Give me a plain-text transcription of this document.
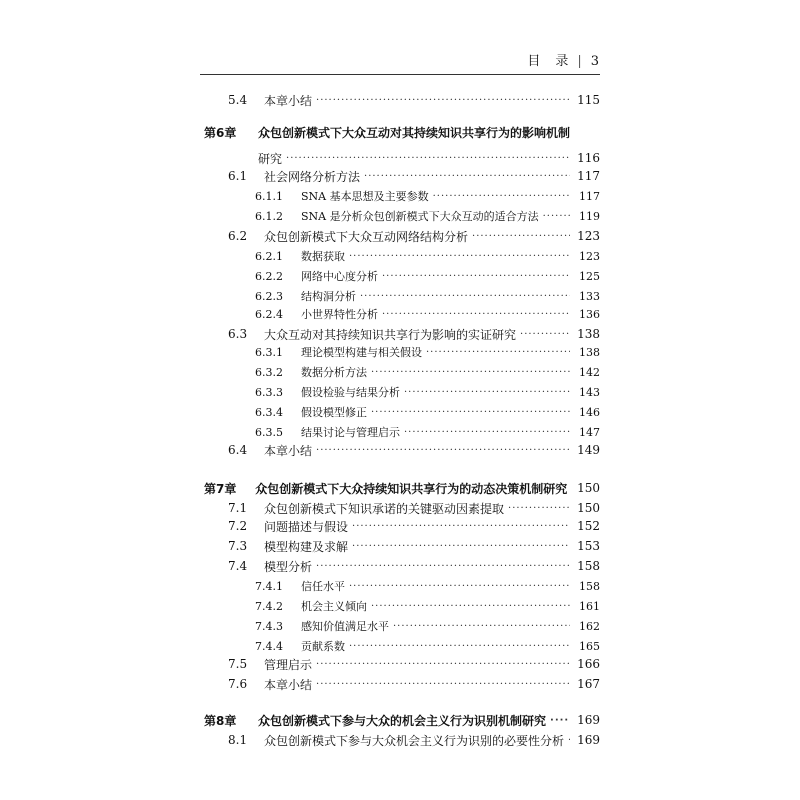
目　录 | 3
5.4	本章小结 ·····	115
第6章	众包创新模式下大众互动对其持续知识共享行为的影响机制
研究 ·····	116
6.1	社会网络分析方法 ·····	117
6.1.1	SNA 基本思想及主要参数 ·····	117
6.1.2	SNA 是分析众包创新模式下大众互动的适合方法 ·····	119
6.2	众包创新模式下大众互动网络结构分析 ·····	123
6.2.1	数据获取 ·····	123
6.2.2	网络中心度分析 ·····	125
6.2.3	结构洞分析 ·····	133
6.2.4	小世界特性分析 ·····	136
6.3	大众互动对其持续知识共享行为影响的实证研究 ·····	138
6.3.1	理论模型构建与相关假设 ·····	138
6.3.2	数据分析方法 ·····	142
6.3.3	假设检验与结果分析 ·····	143
6.3.4	假设模型修正 ·····	146
6.3.5	结果讨论与管理启示 ·····	147
6.4	本章小结 ·····	149
第7章	众包创新模式下大众持续知识共享行为的动态决策机制研究 150
7.1	众包创新模式下知识承诺的关键驱动因素提取 ·····	150
7.2	问题描述与假设 ·····	152
7.3	模型构建及求解 ·····	153
7.4	模型分析 ·····	158
7.4.1	信任水平 ·····	158
7.4.2	机会主义倾向 ·····	161
7.4.3	感知价值满足水平 ·····	162
7.4.4	贡献系数 ·····	165
7.5	管理启示 ·····	166
7.6	本章小结 ·····	167
第8章	众包创新模式下参与大众的机会主义行为识别机制研究 ·····	169
8.1	众包创新模式下参与大众机会主义行为识别的必要性分析 ····· 169
